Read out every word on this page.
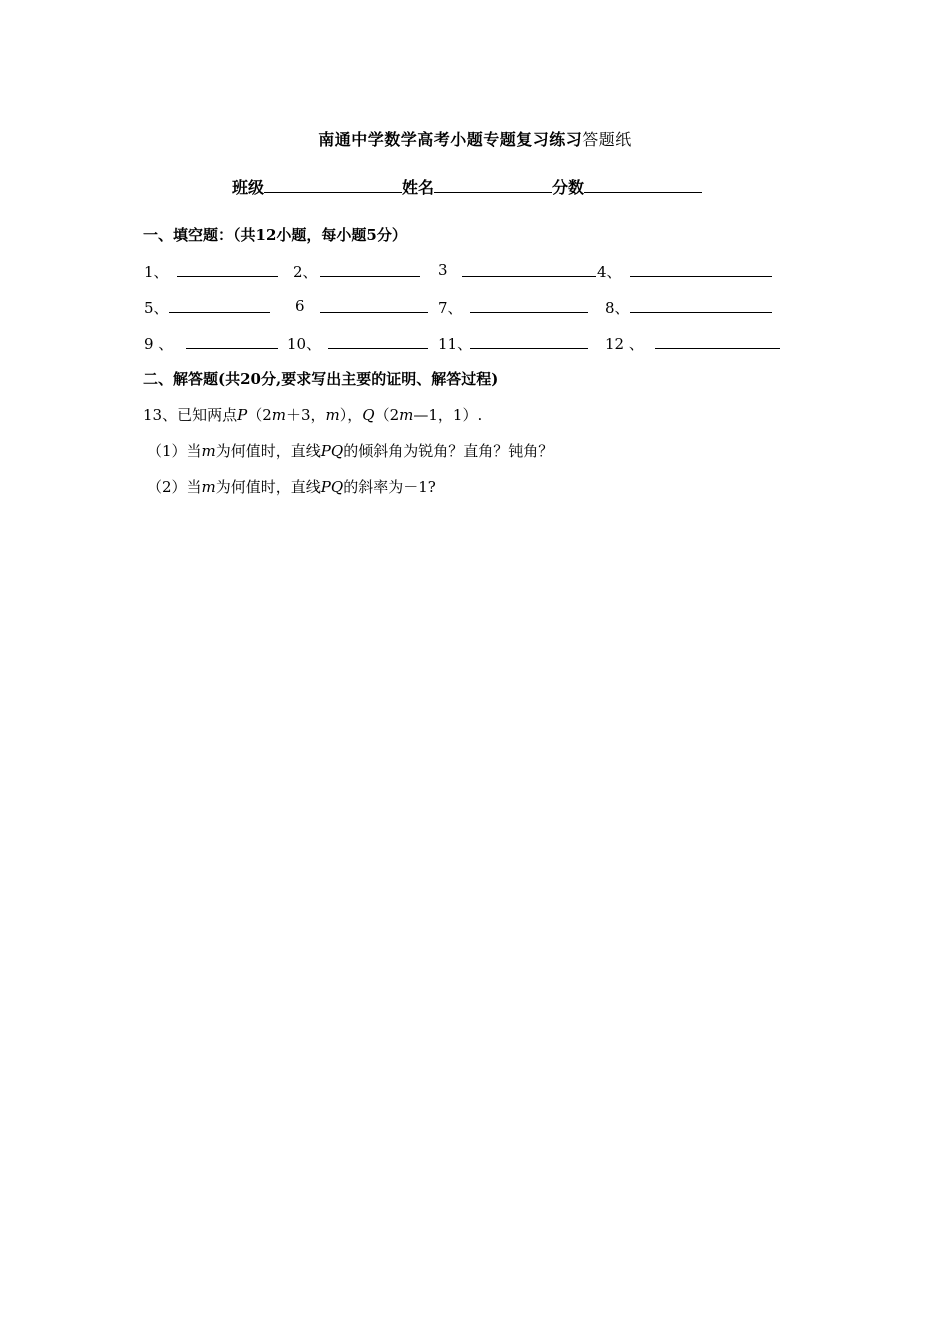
南通中学数学高考小题专题复习练习答题纸
班级	姓名	分数
一、填空题：（共12小题，每小题5分）
1、	2、	3	4、
5、	6	7、	8、
9 、	10、	11、	12 、
二、解答题(共20分,要求写出主要的证明、解答过程)
13、已知两点P（2m＋3，m），Q（2m—1，1）.
（1）当m为何值时，直线PQ的倾斜角为锐角？直角？钝角？
（2）当m为何值时，直线PQ的斜率为－1?
